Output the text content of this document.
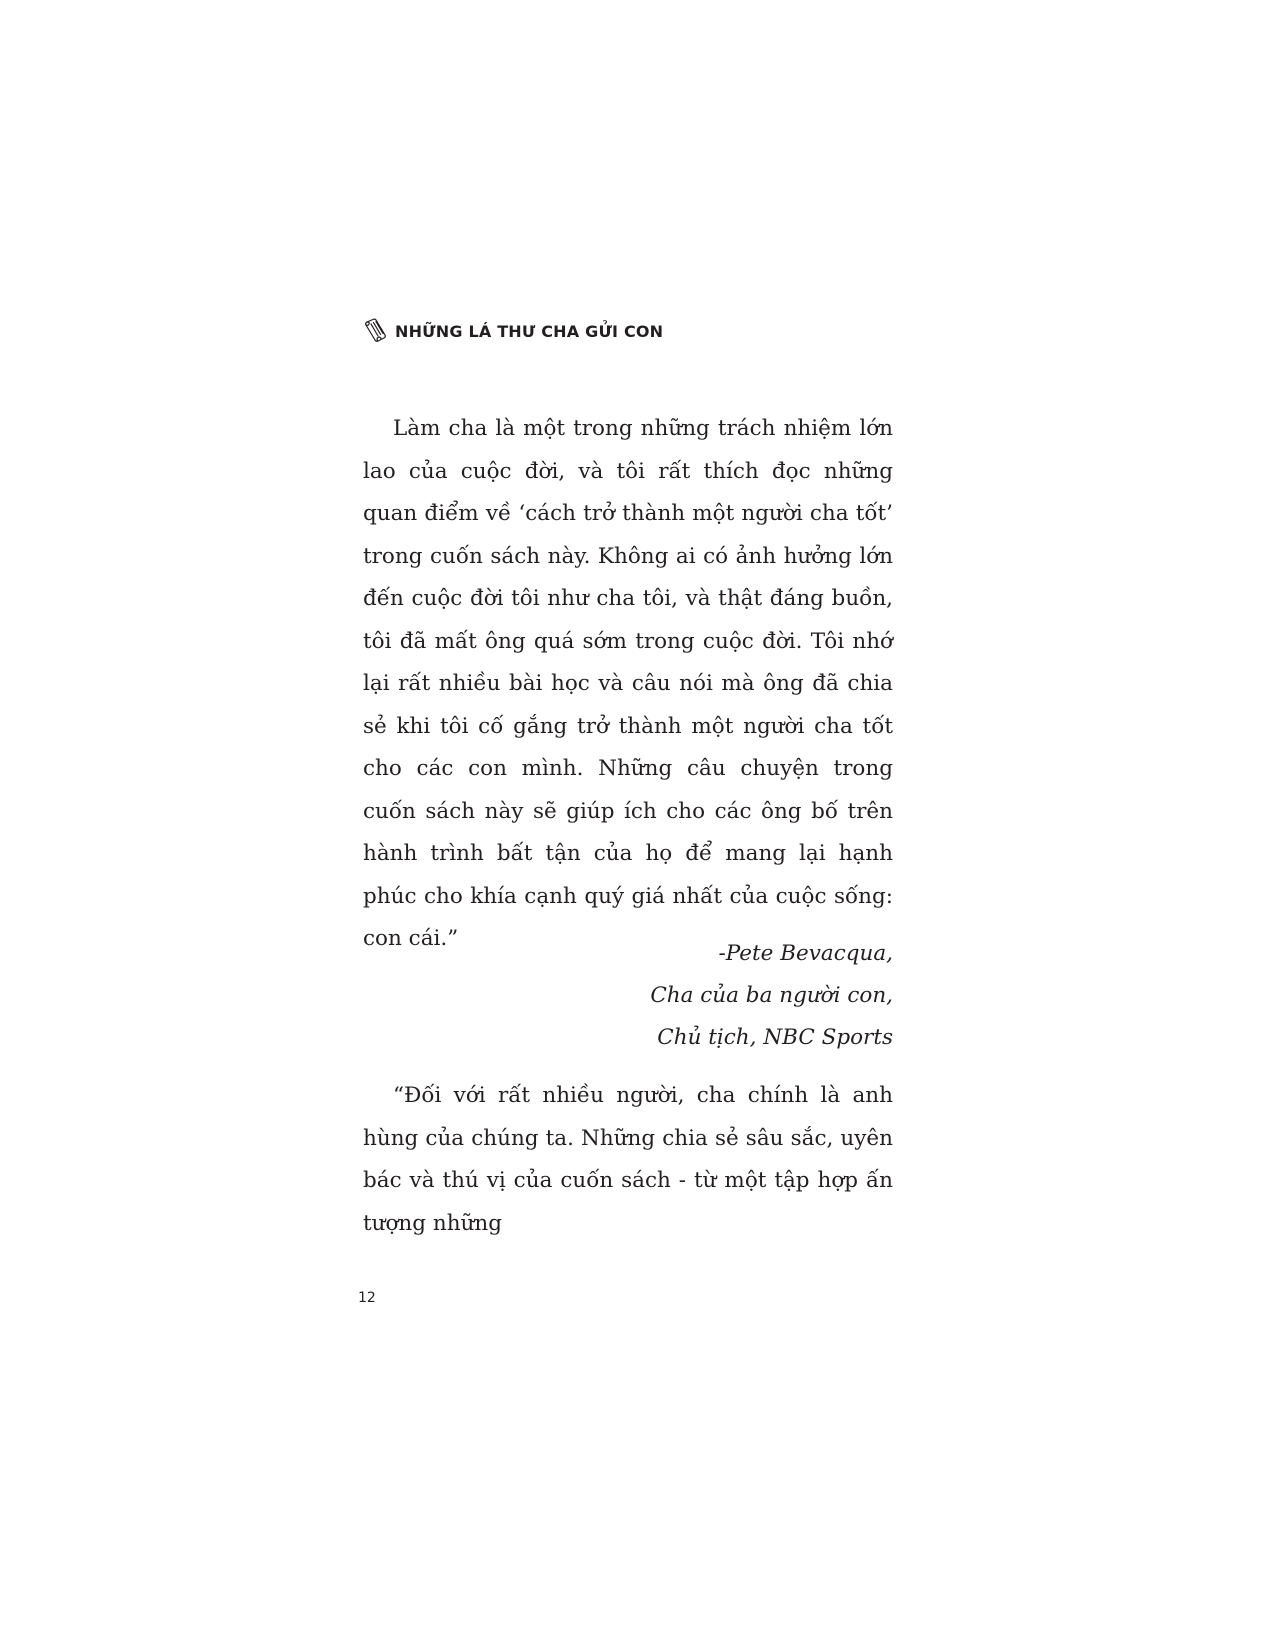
NHỮNG LÁ THƯ CHA GỬI CON

Làm cha là một trong những trách nhiệm lớn lao của cuộc đời, và tôi rất thích đọc những quan điểm về ‘cách trở thành một người cha tốt’ trong cuốn sách này. Không ai có ảnh hưởng lớn đến cuộc đời tôi như cha tôi, và thật đáng buồn, tôi đã mất ông quá sớm trong cuộc đời. Tôi nhớ lại rất nhiều bài học và câu nói mà ông đã chia sẻ khi tôi cố gắng trở thành một người cha tốt cho các con mình. Những câu chuyện trong cuốn sách này sẽ giúp ích cho các ông bố trên hành trình bất tận của họ để mang lại hạnh phúc cho khía cạnh quý giá nhất của cuộc sống: con cái.”

-Pete Bevacqua,
Cha của ba người con,
Chủ tịch, NBC Sports

“Đối với rất nhiều người, cha chính là anh hùng của chúng ta. Những chia sẻ sâu sắc, uyên bác và thú vị của cuốn sách - từ một tập hợp ấn tượng những

12
